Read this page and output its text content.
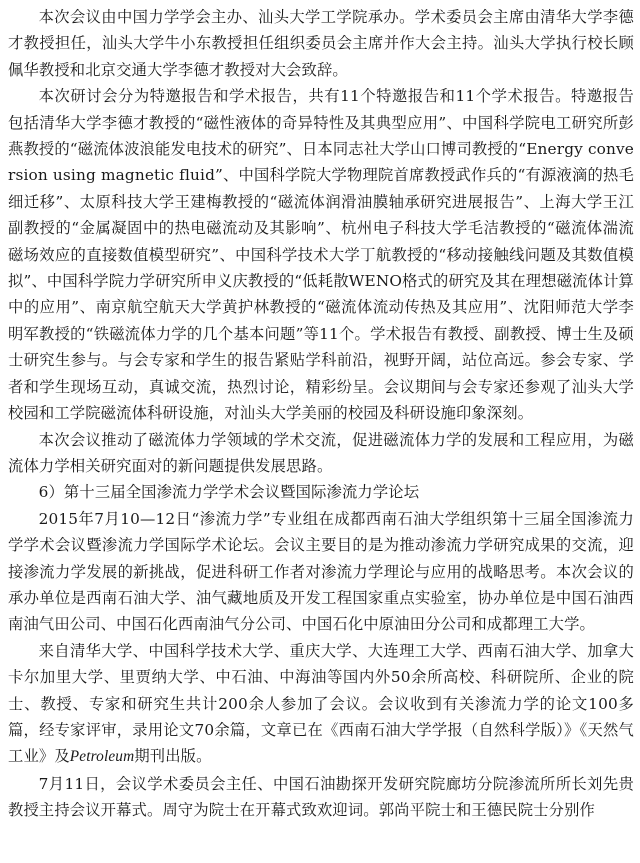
本次会议由中国力学学会主办、汕头大学工学院承办。学术委员会主席由清华大学李德才教授担任，汕头大学牛小东教授担任组织委员会主席并作大会主持。汕头大学执行校长顾佩华教授和北京交通大学李德才教授对大会致辞。

本次研讨会分为特邀报告和学术报告，共有11个特邀报告和11个学术报告。特邀报告包括清华大学李德才教授的“磁性液体的奇异特性及其典型应用”、中国科学院电工研究所彭燕教授的“磁流体波浪能发电技术的研究”、日本同志社大学山口博司教授的“Energy conversion using magnetic fluid”、中国科学院大学物理院首席教授武作兵的“有源液滴的热毛细迁移”、太原科技大学王建梅教授的“磁流体润滑油膜轴承研究进展报告”、上海大学王江副教授的“金属凝固中的热电磁流动及其影响”、杭州电子科技大学毛洁教授的“磁流体湍流磁场效应的直接数值模型研究”、中国科学技术大学丁航教授的“移动接触线问题及其数值模拟”、中国科学院力学研究所申义庆教授的“低耗散WENO格式的研究及其在理想磁流体计算中的应用”、南京航空航天大学黄护林教授的“磁流体流动传热及其应用”、沈阳师范大学李明军教授的“铁磁流体力学的几个基本问题”等11个。学术报告有教授、副教授、博士生及硕士研究生参与。与会专家和学生的报告紧贴学科前沿，视野开阔，站位高远。参会专家、学者和学生现场互动，真诚交流，热烈讨论，精彩纷呈。会议期间与会专家还参观了汕头大学校园和工学院磁流体科研设施，对汕头大学美丽的校园及科研设施印象深刻。

本次会议推动了磁流体力学领域的学术交流，促进磁流体力学的发展和工程应用，为磁流体力学相关研究面对的新问题提供发展思路。

6）第十三届全国渗流力学学术会议暨国际渗流力学论坛

2015年7月10—12日“渗流力学”专业组在成都西南石油大学组织第十三届全国渗流力学学术会议暨渗流力学国际学术论坛。会议主要目的是为推动渗流力学研究成果的交流，迎接渗流力学发展的新挑战，促进科研工作者对渗流力学理论与应用的战略思考。本次会议的承办单位是西南石油大学、油气藏地质及开发工程国家重点实验室，协办单位是中国石油西南油气田公司、中国石化西南油气分公司、中国石化中原油田分公司和成都理工大学。

来自清华大学、中国科学技术大学、重庆大学、大连理工大学、西南石油大学、加拿大卡尔加里大学、里贾纳大学、中石油、中海油等国内外50余所高校、科研院所、企业的院士、教授、专家和研究生共计200余人参加了会议。会议收到有关渗流力学的论文100多篇，经专家评审，录用论文70余篇，文章已在《西南石油大学学报（自然科学版）》《天然气工业》及Petroleum期刊出版。

7月11日，会议学术委员会主任、中国石油勘探开发研究院廊坊分院渗流所所长刘先贵教授主持会议开幕式。周守为院士在开幕式致欢迎词。郭尚平院士和王德民院士分别作
